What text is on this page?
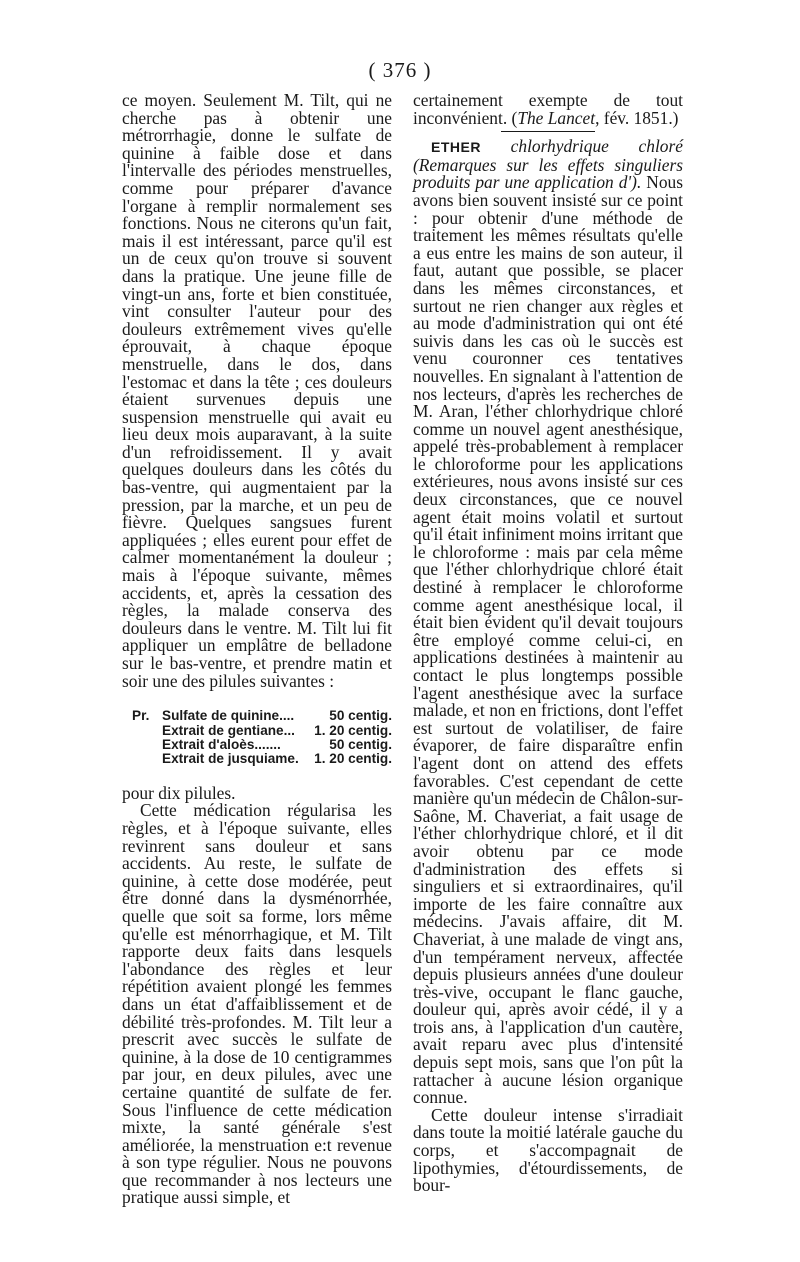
( 376 )

ce moyen. Seulement M. Tilt, qui ne cherche pas à obtenir une métrorrhagie, donne le sulfate de quinine à faible dose et dans l'intervalle des périodes menstruelles, comme pour préparer d'avance l'organe à remplir normalement ses fonctions. Nous ne citerons qu'un fait, mais il est intéressant, parce qu'il est un de ceux qu'on trouve si souvent dans la pratique. Une jeune fille de vingt-un ans, forte et bien constituée, vint consulter l'auteur pour des douleurs extrêmement vives qu'elle éprouvait, à chaque époque menstruelle, dans le dos, dans l'estomac et dans la tête ; ces douleurs étaient survenues depuis une suspension menstruelle qui avait eu lieu deux mois auparavant, à la suite d'un refroidissement. Il y avait quelques douleurs dans les côtés du bas-ventre, qui augmentaient par la pression, par la marche, et un peu de fièvre. Quelques sangsues furent appliquées ; elles eurent pour effet de calmer momentanément la douleur ; mais à l'époque suivante, mêmes accidents, et, après la cessation des règles, la malade conserva des douleurs dans le ventre. M. Tilt lui fit appliquer un emplâtre de belladone sur le bas-ventre, et prendre matin et soir une des pilules suivantes :

Pr. Sulfate de quinine....	50 centig.
Extrait de gentiane...	1. 20 centig.
Extrait d'aloès.......	50 centig.
Extrait de jusquiame.	1. 20 centig.

pour dix pilules.

Cette médication régularisa les règles, et à l'époque suivante, elles revinrent sans douleur et sans accidents. Au reste, le sulfate de quinine, à cette dose modérée, peut être donné dans la dysménorrhée, quelle que soit sa forme, lors même qu'elle est ménorrhagique, et M. Tilt rapporte deux faits dans lesquels l'abondance des règles et leur répétition avaient plongé les femmes dans un état d'affaiblissement et de débilité très-profondes. M. Tilt leur a prescrit avec succès le sulfate de quinine, à la dose de 10 centigrammes par jour, en deux pilules, avec une certaine quantité de sulfate de fer. Sous l'influence de cette médication mixte, la santé générale s'est améliorée, la menstruation e:t revenue à son type régulier. Nous ne pouvons que recommander à nos lecteurs une pratique aussi simple, et

certainement exempte de tout inconvénient. (The Lancet, fév. 1851.)

ETHER chlorhydrique chloré (Remarques sur les effets singuliers produits par une application d'). Nous avons bien souvent insisté sur ce point : pour obtenir d'une méthode de traitement les mêmes résultats qu'elle a eus entre les mains de son auteur, il faut, autant que possible, se placer dans les mêmes circonstances, et surtout ne rien changer aux règles et au mode d'administration qui ont été suivis dans les cas où le succès est venu couronner ces tentatives nouvelles. En signalant à l'attention de nos lecteurs, d'après les recherches de M. Aran, l'éther chlorhydrique chloré comme un nouvel agent anesthésique, appelé très-probablement à remplacer le chloroforme pour les applications extérieures, nous avons insisté sur ces deux circonstances, que ce nouvel agent était moins volatil et surtout qu'il était infiniment moins irritant que le chloroforme : mais par cela même que l'éther chlorhydrique chloré était destiné à remplacer le chloroforme comme agent anesthésique local, il était bien évident qu'il devait toujours être employé comme celui-ci, en applications destinées à maintenir au contact le plus longtemps possible l'agent anesthésique avec la surface malade, et non en frictions, dont l'effet est surtout de volatiliser, de faire évaporer, de faire disparaître enfin l'agent dont on attend des effets favorables. C'est cependant de cette manière qu'un médecin de Châlon-sur-Saône, M. Chaveriat, a fait usage de l'éther chlorhydrique chloré, et il dit avoir obtenu par ce mode d'administration des effets si singuliers et si extraordinaires, qu'il importe de les faire connaître aux médecins. J'avais affaire, dit M. Chaveriat, à une malade de vingt ans, d'un tempérament nerveux, affectée depuis plusieurs années d'une douleur très-vive, occupant le flanc gauche, douleur qui, après avoir cédé, il y a trois ans, à l'application d'un cautère, avait reparu avec plus d'intensité depuis sept mois, sans que l'on pût la rattacher à aucune lésion organique connue.

Cette douleur intense s'irradiait dans toute la moitié latérale gauche du corps, et s'accompagnait de lipothymies, d'étourdissements, de bour-
